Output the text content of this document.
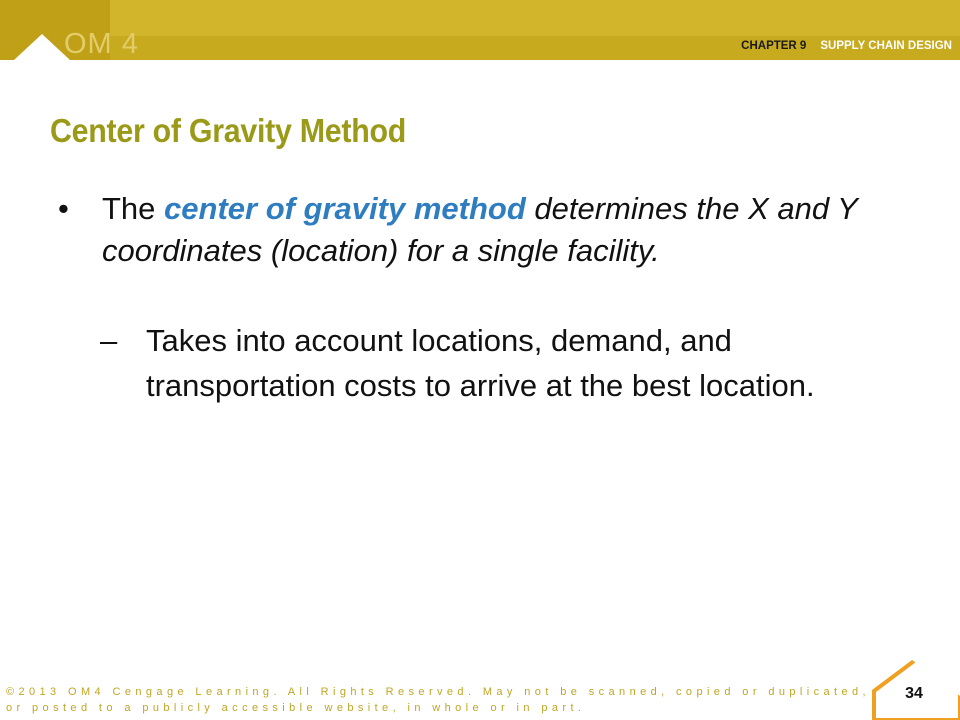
OM 4	CHAPTER 9 SUPPLY CHAIN DESIGN
Center of Gravity Method
• The center of gravity method determines the X and Y coordinates (location) for a single facility.
– Takes into account locations, demand, and transportation costs to arrive at the best location.
©2013 OM4 Cengage Learning. All Rights Reserved. May not be scanned, copied or duplicated,
or posted to a publicly accessible website, in whole or in part.
34
